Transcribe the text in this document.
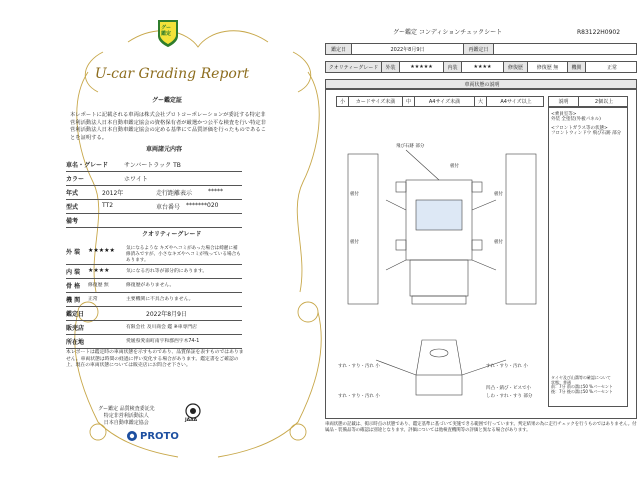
グー
鑑定
U-car Grading Report
グー鑑定証
本レポートに記載される車両は株式会社プロトコーポレーションが委託する特定非営利活動法人日本自動車鑑定協会の資格保有者が厳選かつ公平な検査を行い特定非営利活動法人日本自動車鑑定協会の定める基準にて品質評価を行ったものであることを証明する。
車両諸元内容
車名・グレード	サンバートラック TB
カラー	ホワイト
年式	2012年	走行距離表示	*****
型式	TT2	車台番号 *******020
備考
クオリティーグレード
外 装 ★★★★★ 気になるような キズやヘコミがあった場合は綺麗に補修済みですが、小さなキズやヘコミが残っている場合もあります。
内 装 ★★★★	気になる汚れ等が部分的にあります。
骨 格 修復歴 無	修復歴がありません。
機 関 正常	主要機関に不具合ありません。
鑑定日	2022年8月9日
販売店	有限会社 及川商会 鑑 ※車専門店
所在地	愛媛県愛南町南宇和郡西宇木74-1
本レポートは鑑定時の車両状態を示すものであり、品質保証を表すものではありません。車両状態は時間の経過に伴い変化する場合があります。鑑定書をご確認の上、現在の車両状態については販売店にお問合せ下さい。
グー鑑定 品質検査委託先
特定非営利活動法人
日本自動車鑑定協会	JAAA
PROTO
グー鑑定 コンディションチェックシート	R83122H0902
鑑定日	2022年8月9日	再鑑定日
クオリティーグレード	外装	★★★★★	内装	★★★★	修復歴	修復歴 無	機関	正常
車両状態の説明
小	カードサイズ未満	中	A4サイズ未満	大	A4サイズ以上	説明	2個以上
<乗員室等>
外装 全塗装(外板パネル)
<フロントガラス等の状態>
フロントウィンドウ 飛び石跡 部分
タイヤ及び山溝等の確認について
状態：普通
前：7分 前の溝は50 %パーセント
後：7分 後の溝は50 %パーセント
飛び石跡 部分
板付	板付
板付	板付
板付
すれ・すり・汚れ 小	すれ・すり・汚れ 小
凹凸・錆び・ビスで小
しわ・すれ・すり 部分
すれ・すり・汚れ 小
車両状態の記載は、掲示時点の状態であり、鑑定基準に基づいて実施できる範囲で行っています。判定結果の為に走行チェックを行うものではありません。付属品・装備品等の確認は別途となります。評価については他検査機関等の評価と異なる場合があります。
